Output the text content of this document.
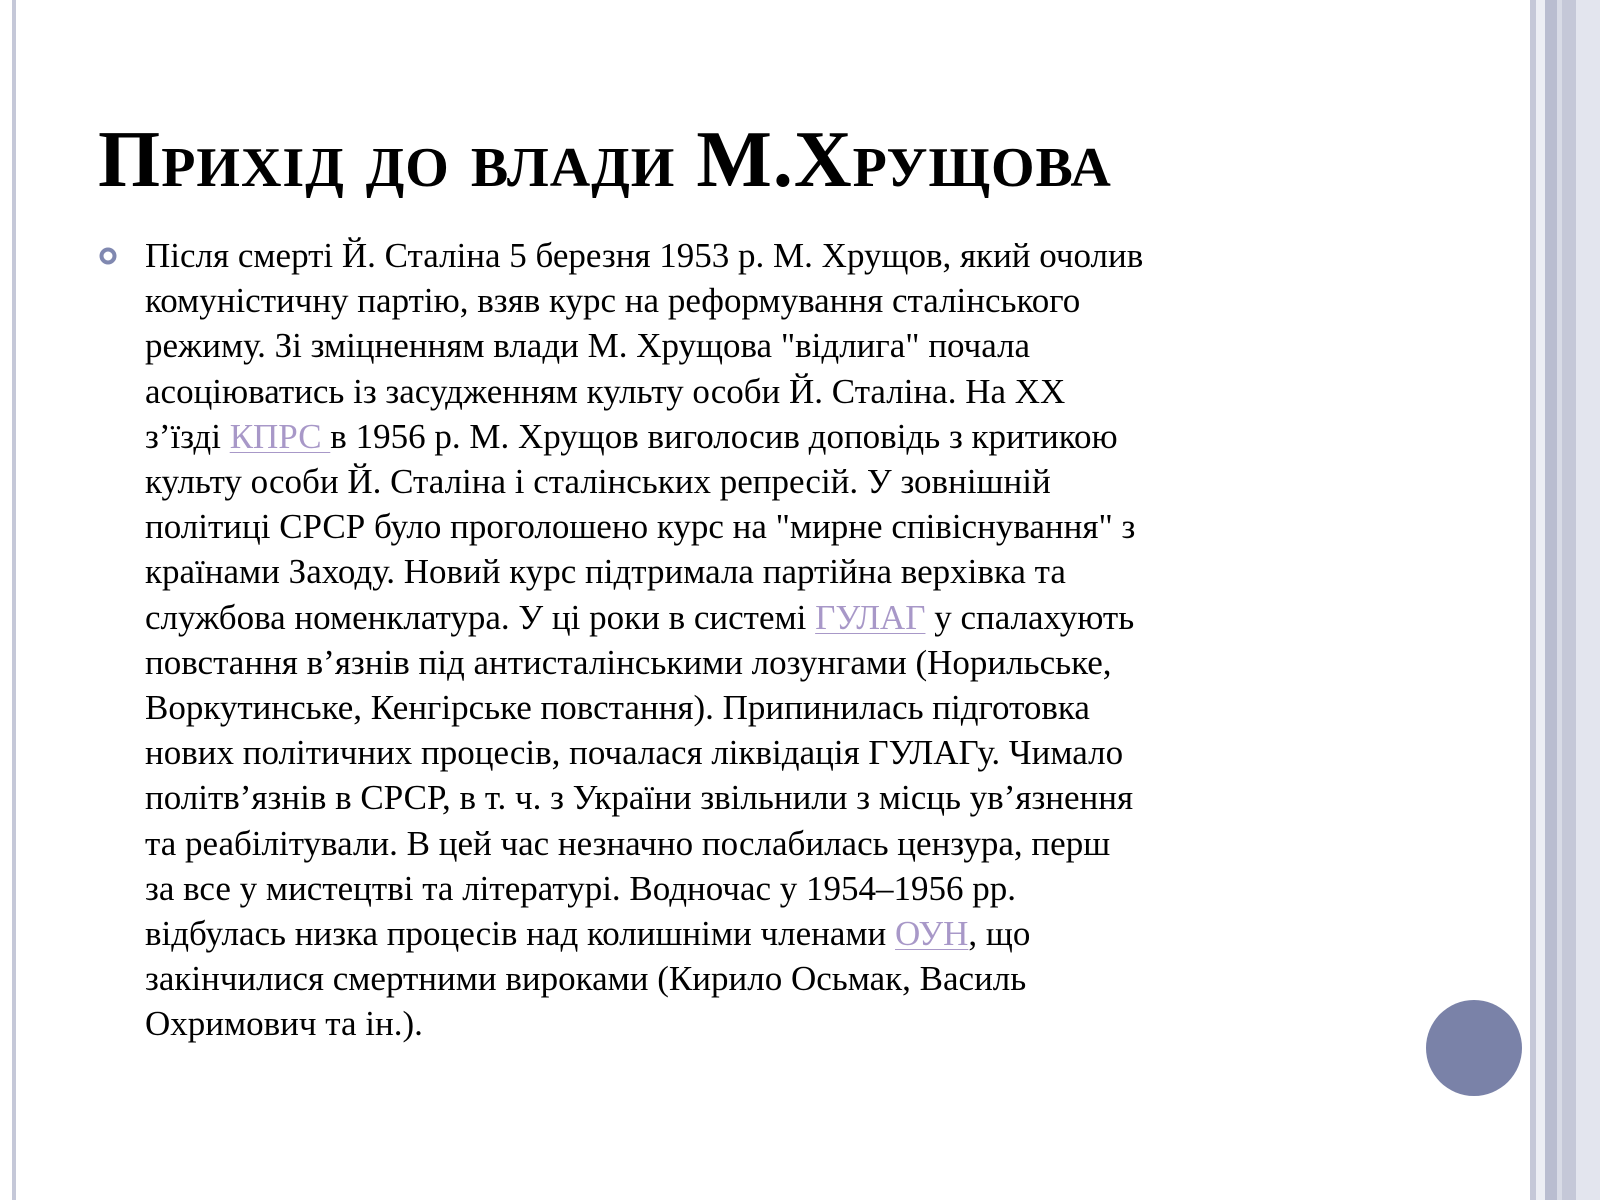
Прихід до влади М.Хрущова

Після смерті Й. Сталіна 5 березня 1953 р. М. Хрущов, який очолив
комуністичну партію, взяв курс на реформування сталінського
режиму. Зі зміцненням влади М. Хрущова "відлига" почала
асоціюватись із засудженням культу особи Й. Сталіна. На ХХ
з’їзді КПРС в 1956 р. М. Хрущов виголосив доповідь з критикою
культу особи Й. Сталіна і сталінських репресій. У зовнішній
політиці СРСР було проголошено курс на "мирне співіснування" з
країнами Заходу. Новий курс підтримала партійна верхівка та
службова номенклатура. У ці роки в системі ГУЛАГ у спалахують
повстання в’язнів під антисталінськими лозунгами (Норильське,
Воркутинське, Кенгірське повстання). Припинилась підготовка
нових політичних процесів, почалася ліквідація ГУЛАГу. Чимало
політв’язнів в СРСР, в т. ч. з України звільнили з місць ув’язнення
та реабілітували. В цей час незначно послабилась цензура, перш
за все у мистецтві та літературі. Водночас у 1954–1956 рр.
відбулась низка процесів над колишніми членами ОУН, що
закінчилися смертними вироками (Кирило Осьмак, Василь
Охримович та ін.).
